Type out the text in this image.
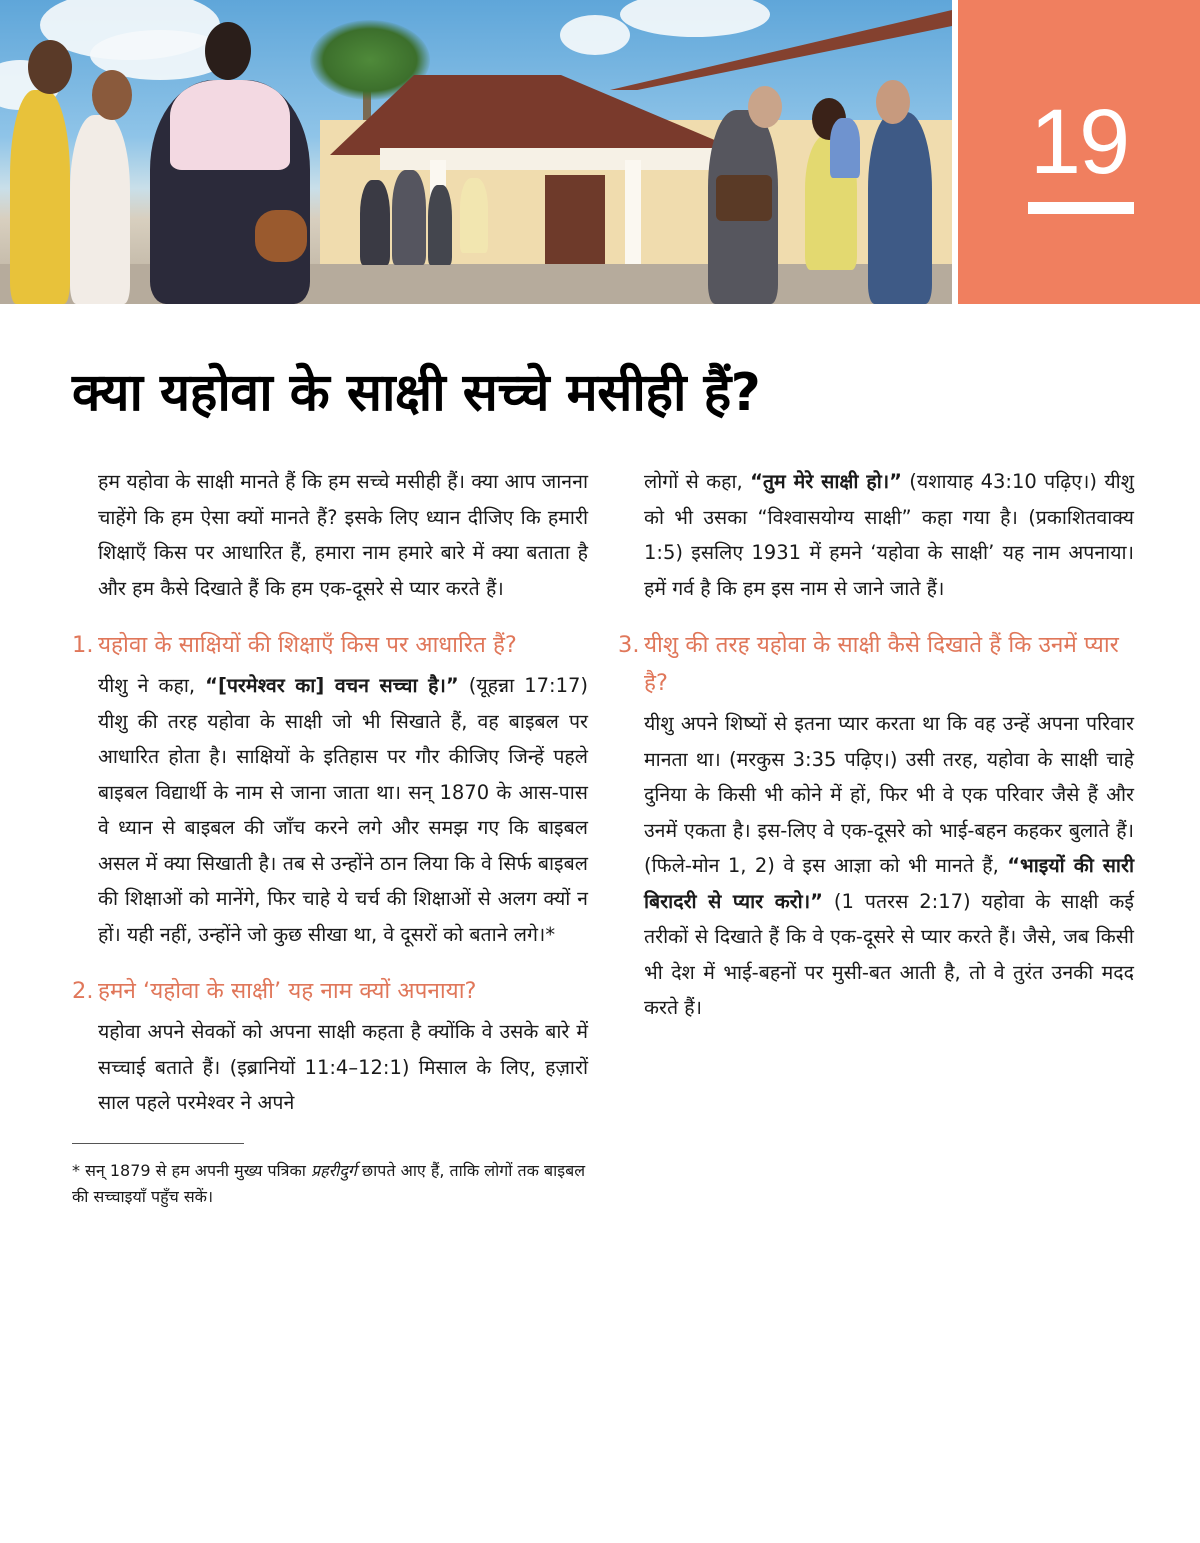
19
क्या यहोवा के साक्षी सच्चे मसीही हैं?

हम यहोवा के साक्षी मानते हैं कि हम सच्चे मसीही हैं। क्या आप जानना चाहेंगे कि हम ऐसा क्यों मानते हैं? इसके लिए ध्यान दीजिए कि हमारी शिक्षाएँ किस पर आधारित हैं, हमारा नाम हमारे बारे में क्या बताता है और हम कैसे दिखाते हैं कि हम एक-दूसरे से प्यार करते हैं।

1. यहोवा के साक्षियों की शिक्षाएँ किस पर आधारित हैं?

यीशु ने कहा, “[परमेश्वर का] वचन सच्चा है।” (यूहन्ना 17:17) यीशु की तरह यहोवा के साक्षी जो भी सिखाते हैं, वह बाइबल पर आधारित होता है। साक्षियों के इतिहास पर गौर कीजिए जिन्हें पहले बाइबल विद्यार्थी के नाम से जाना जाता था। सन् 1870 के आस-पास वे ध्यान से बाइबल की जाँच करने लगे और समझ गए कि बाइबल असल में क्या सिखाती है। तब से उन्होंने ठान लिया कि वे सिर्फ बाइबल की शिक्षाओं को मानेंगे, फिर चाहे ये चर्च की शिक्षाओं से अलग क्यों न हों। यही नहीं, उन्होंने जो कुछ सीखा था, वे दूसरों को बताने लगे।*

2. हमने ‘यहोवा के साक्षी’ यह नाम क्यों अपनाया?

यहोवा अपने सेवकों को अपना साक्षी कहता है क्योंकि वे उसके बारे में सच्चाई बताते हैं। (इब्रानियों 11:4–12:1) मिसाल के लिए, हज़ारों साल पहले परमेश्वर ने अपने

* सन् 1879 से हम अपनी मुख्य पत्रिका प्रहरीदुर्ग छापते आए हैं, ताकि लोगों तक बाइबल की सच्चाइयाँ पहुँच सकें।

लोगों से कहा, “तुम मेरे साक्षी हो।” (यशायाह 43:10 पढ़िए।) यीशु को भी उसका “विश्वासयोग्य साक्षी” कहा गया है। (प्रकाशितवाक्य 1:5) इसलिए 1931 में हमने ‘यहोवा के साक्षी’ यह नाम अपनाया। हमें गर्व है कि हम इस नाम से जाने जाते हैं।

3. यीशु की तरह यहोवा के साक्षी कैसे दिखाते हैं कि उनमें प्यार है?

यीशु अपने शिष्यों से इतना प्यार करता था कि वह उन्हें अपना परिवार मानता था। (मरकुस 3:35 पढ़िए।) उसी तरह, यहोवा के साक्षी चाहे दुनिया के किसी भी कोने में हों, फिर भी वे एक परिवार जैसे हैं और उनमें एकता है। इस-लिए वे एक-दूसरे को भाई-बहन कहकर बुलाते हैं। (फिले-मोन 1, 2) वे इस आज्ञा को भी मानते हैं, “भाइयों की सारी बिरादरी से प्यार करो।” (1 पतरस 2:17) यहोवा के साक्षी कई तरीकों से दिखाते हैं कि वे एक-दूसरे से प्यार करते हैं। जैसे, जब किसी भी देश में भाई-बहनों पर मुसी-बत आती है, तो वे तुरंत उनकी मदद करते हैं।
